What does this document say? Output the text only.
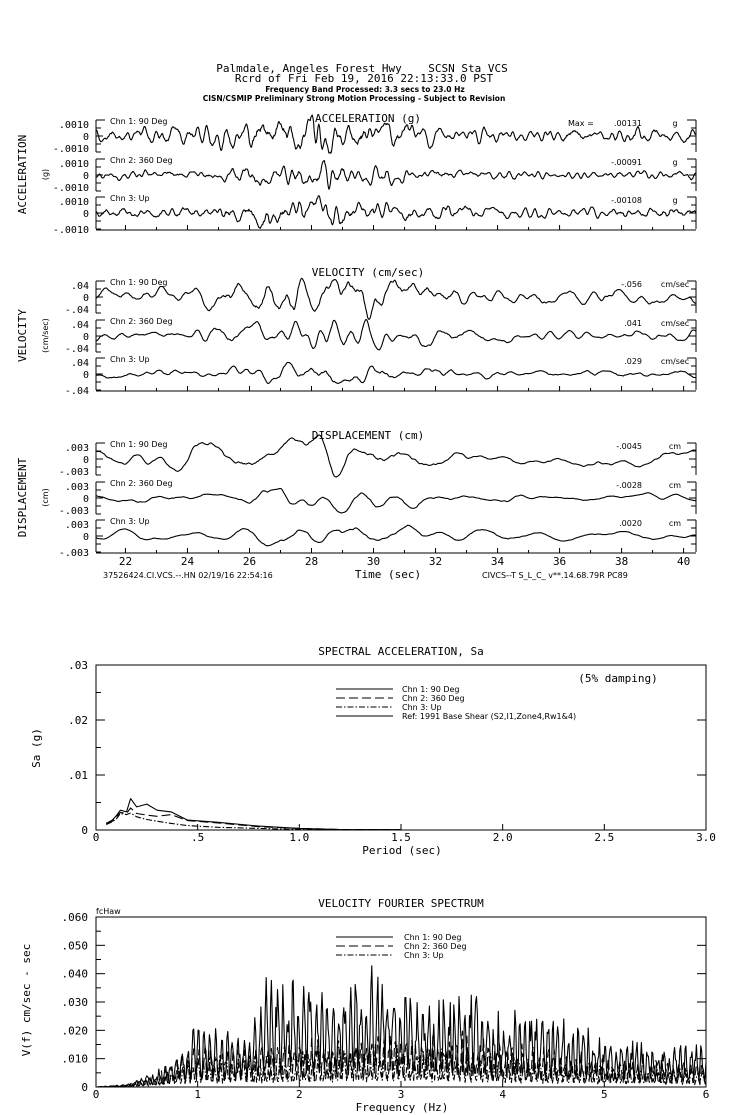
Palmdale, Angeles Forest Hwy    SCSN Sta VCS
Rcrd of Fri Feb 19, 2016 22:13:33.0 PST
Frequency Band Processed: 3.3 secs to 23.0 Hz
CISN/CSMIP Preliminary Strong Motion Processing - Subject to Revision
ACCELERATION (g)
ACCELERATION (g)
Chn 1: 90 Deg
.0010
0
-.0010
Max =	.00131	g
Chn 2: 360 Deg
.0010
0
-.0010
-.00091	g
Chn 3: Up
.0010
0
-.0010
-.00108	g
VELOCITY (cm/sec)
VELOCITY (cm/sec)
Chn 1: 90 Deg
.04
0
-.04
-.056 cm/sec
Chn 2: 360 Deg
.04
0
-.04
.041 cm/sec
Chn 3: Up
.04
0
-.04
.029 cm/sec
DISPLACEMENT (cm)
DISPLACEMENT (cm)
Chn 1: 90 Deg
.003
0
-.003
-.0045	cm
Chn 2: 360 Deg
.003
0
-.003
-.0028	cm
Chn 3: Up
.003
0
-.003
.0020	cm
22	24	26	28	30	32	34	36	38	40
Time (sec)
37526424.CI.VCS.--.HN 02/19/16 22:54:16	CIVCS--T S_L_C_ v**.14.68.79R PC89
SPECTRAL ACCELERATION, Sa
0	.5	1.0	1.5	2.0	2.5	3.0
0
.01
.02
.03
Period (sec)
Sa (g)
(5% damping)
Chn 1: 90 Deg
Chn 2: 360 Deg
Chn 3: Up
Ref: 1991 Base Shear (S2,I1,Zone4,Rw1&4)
VELOCITY FOURIER SPECTRUM
0	1	2	3	4	5	6
0
.010
.020
.030
.040
.050
.060
Frequency (Hz)
V(f) cm/sec - sec
fcHaw
Chn 1: 90 Deg
Chn 2: 360 Deg
Chn 3: Up
